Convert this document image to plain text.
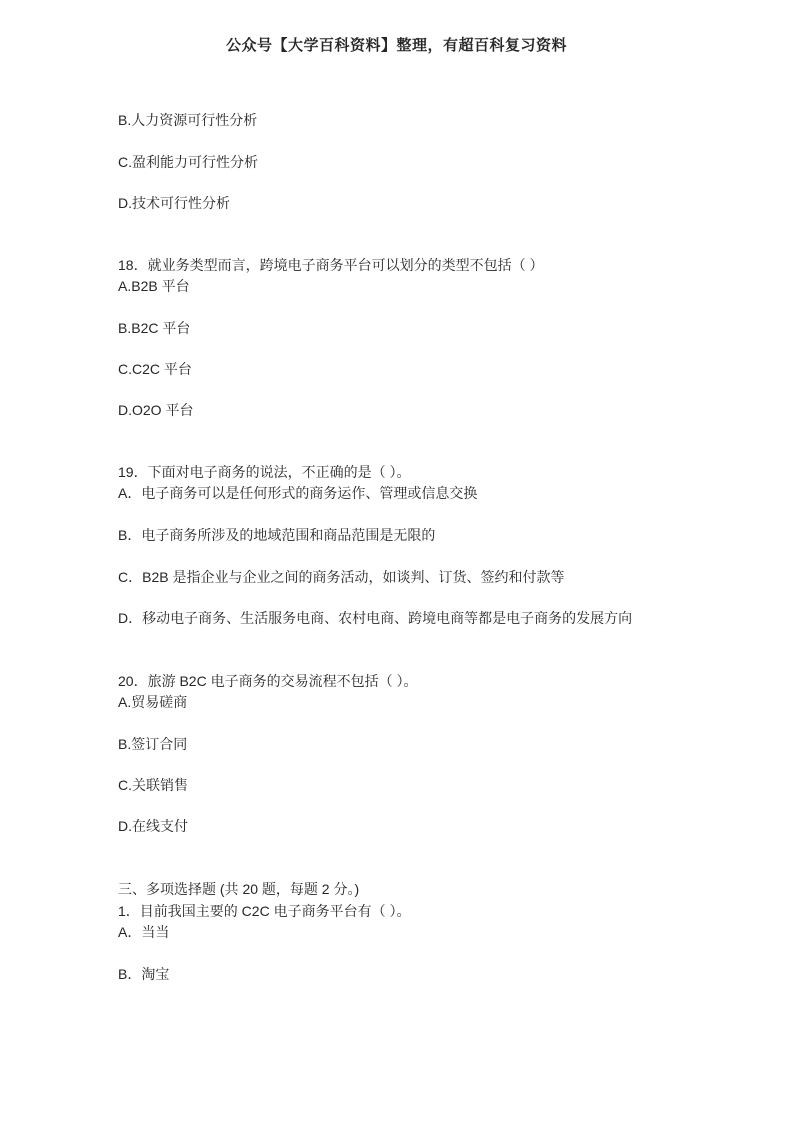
公众号【大学百科资料】整理，有超百科复习资料
B.人力资源可行性分析
C.盈利能力可行性分析
D.技术可行性分析
18．就业务类型而言，跨境电子商务平台可以划分的类型不包括（ ）
A.B2B 平台
B.B2C 平台
C.C2C 平台
D.O2O 平台
19．下面对电子商务的说法，不正确的是（ ）。
A．电子商务可以是任何形式的商务运作、管理或信息交换
B．电子商务所涉及的地域范围和商品范围是无限的
C．B2B 是指企业与企业之间的商务活动，如谈判、订货、签约和付款等
D．移动电子商务、生活服务电商、农村电商、跨境电商等都是电子商务的发展方向
20．旅游 B2C 电子商务的交易流程不包括（ ）。
A.贸易磋商
B.签订合同
C.关联销售
D.在线支付
三、多项选择题 (共 20 题，每题 2 分。)
1．目前我国主要的 C2C 电子商务平台有（ ）。
A．当当
B．淘宝
